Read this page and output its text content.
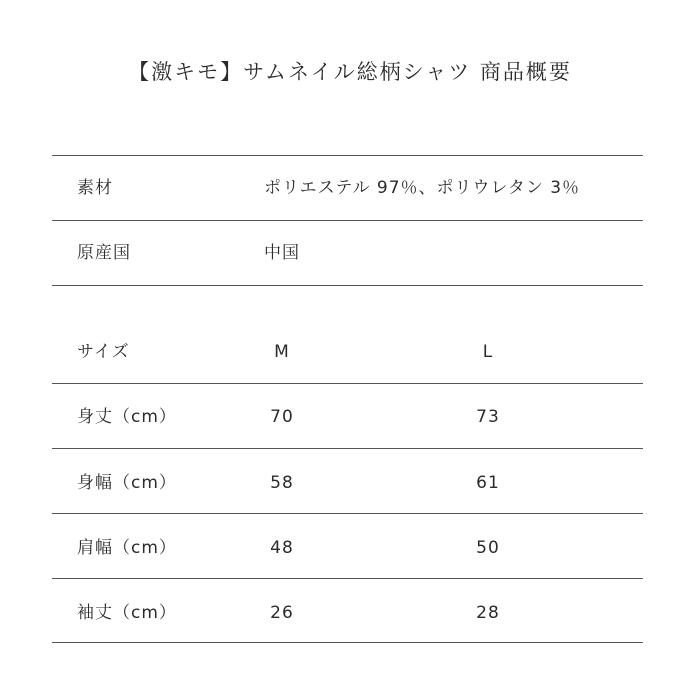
【激キモ】サムネイル総柄シャツ 商品概要
素材	ポリエステル 97％、ポリウレタン 3％
原産国	中国
サイズ	M	L
身丈（cm）	70	73
身幅（cm）	58	61
肩幅（cm）	48	50
袖丈（cm）	26	28
